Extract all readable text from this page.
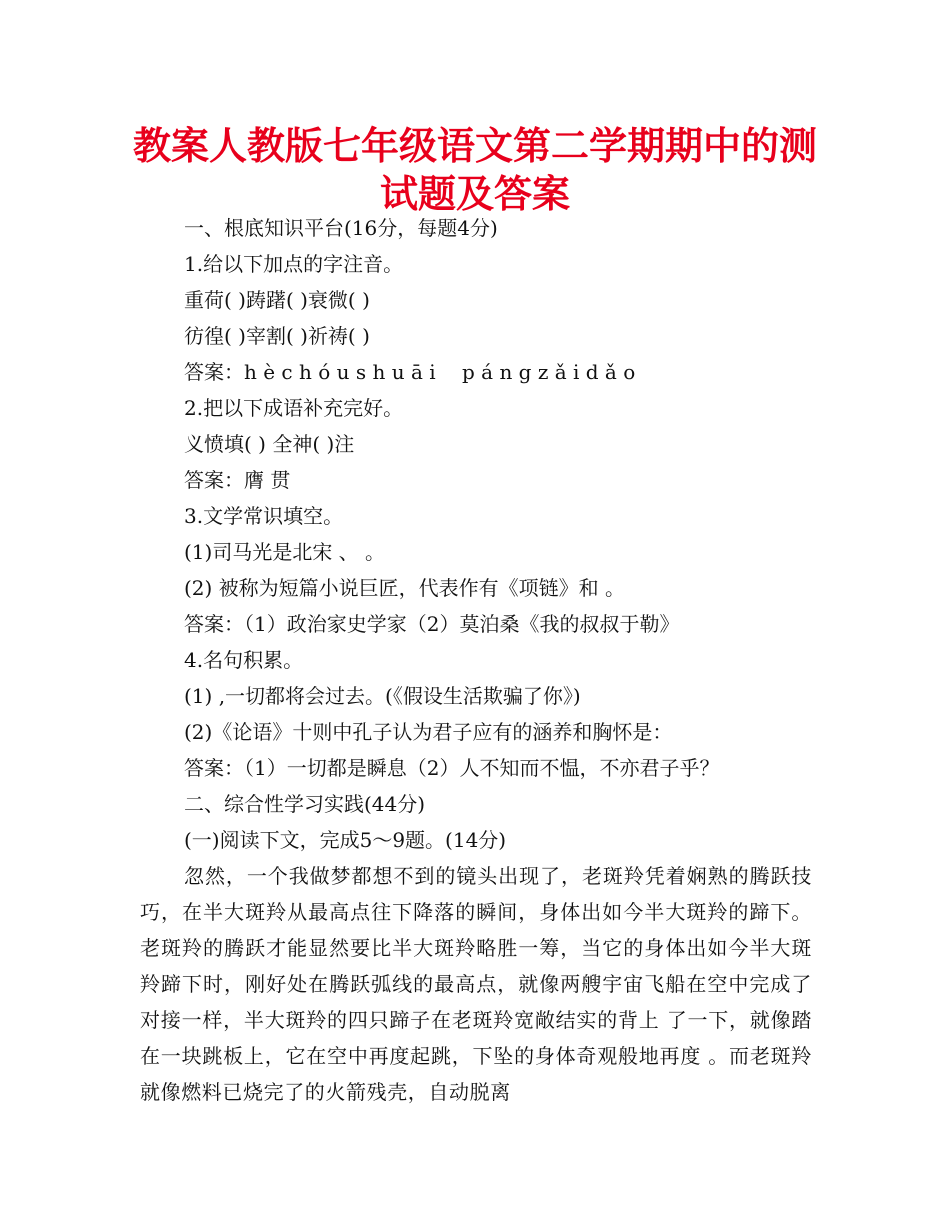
教案人教版七年级语文第二学期期中的测
试题及答案
一、根底知识平台(16分，每题4分)
1.给以下加点的字注音。
重荷( )踌躇( )衰微( )
彷徨( )宰割( )祈祷( )
答案：h è c h ó u s h u ā i　 p á n g z ǎ i d ǎ o
2.把以下成语补充完好。
义愤填( ) 全神( )注
答案：膺 贯
3.文学常识填空。
(1)司马光是北宋 、 。
(2) 被称为短篇小说巨匠，代表作有《项链》和 。
答案：（1）政治家史学家（2）莫泊桑《我的叔叔于勒》
4.名句积累。
(1) ,一切都将会过去。(《假设生活欺骗了你》)
(2)《论语》十则中孔子认为君子应有的涵养和胸怀是：
答案：（1）一切都是瞬息（2）人不知而不愠，不亦君子乎？
二、综合性学习实践(44分)
(一)阅读下文，完成5～9题。(14分)
忽然，一个我做梦都想不到的镜头出现了，老斑羚凭着娴熟的腾跃技巧，在半大斑羚从最高点往下降落的瞬间，身体出如今半大斑羚的蹄下。老斑羚的腾跃才能显然要比半大斑羚略胜一筹，当它的身体出如今半大斑羚蹄下时，刚好处在腾跃弧线的最高点，就像两艘宇宙飞船在空中完成了对接一样，半大斑羚的四只蹄子在老斑羚宽敞结实的背上 了一下，就像踏在一块跳板上，它在空中再度起跳，下坠的身体奇观般地再度 。而老斑羚就像燃料已烧完了的火箭残壳，自动脱离
